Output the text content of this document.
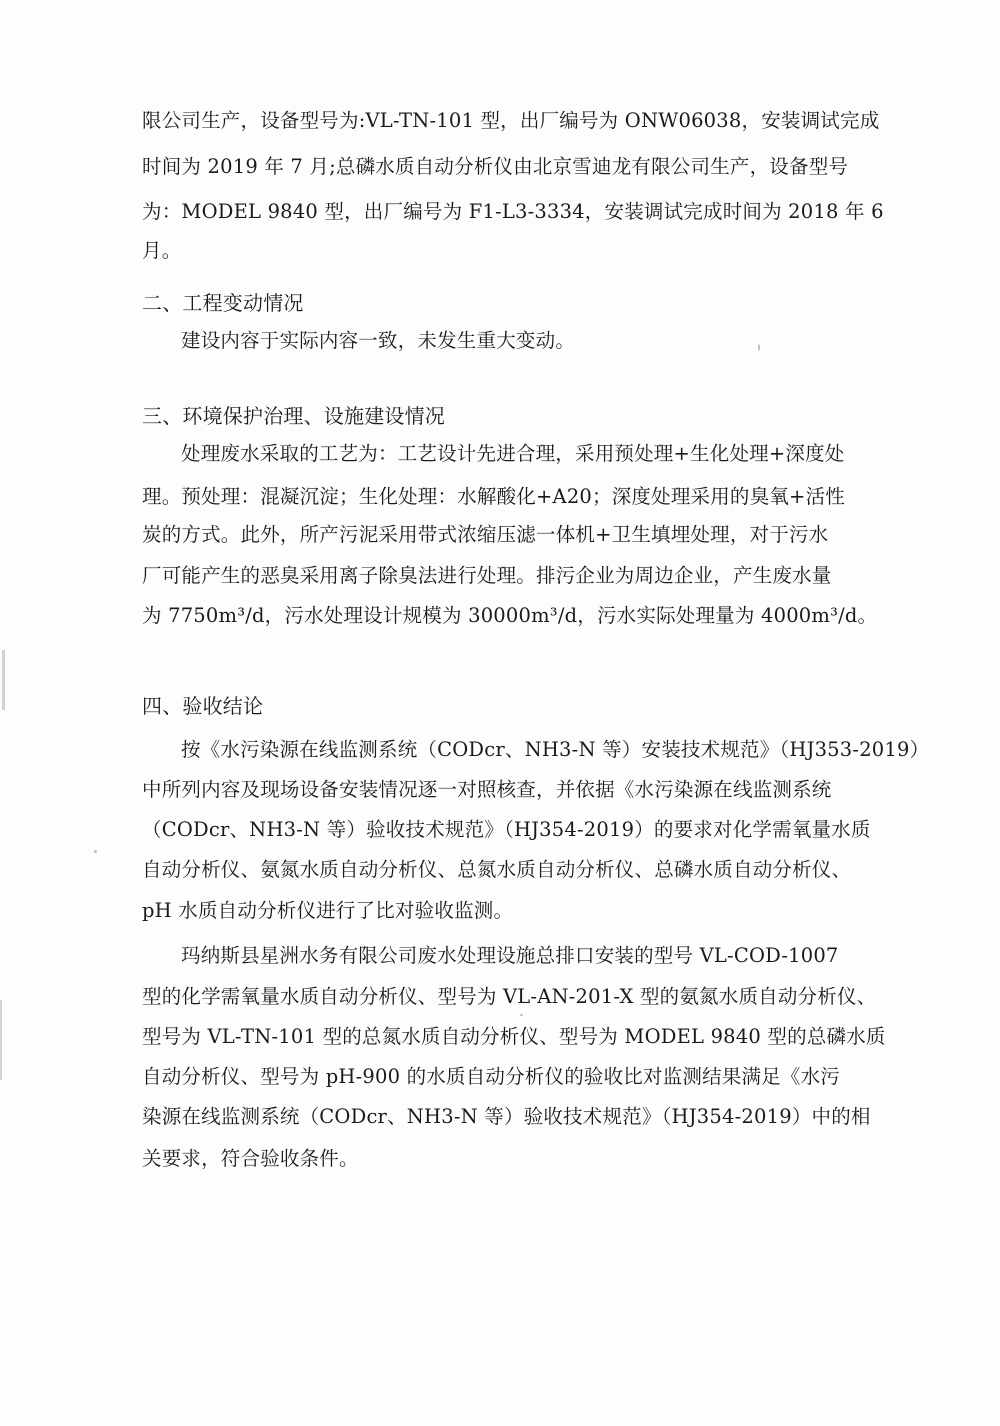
限公司生产，设备型号为:VL-TN-101 型，出厂编号为 ONW06038，安装调试完成
时间为 2019 年 7 月;总磷水质自动分析仪由北京雪迪龙有限公司生产，设备型号
为：MODEL 9840 型，出厂编号为 F1-L3-3334，安装调试完成时间为 2018 年 6
月。
二、工程变动情况
建设内容于实际内容一致，未发生重大变动。
三、环境保护治理、设施建设情况
处理废水采取的工艺为：工艺设计先进合理，采用预处理+生化处理+深度处
理。预处理：混凝沉淀；生化处理：水解酸化+A20；深度处理采用的臭氧+活性
炭的方式。此外，所产污泥采用带式浓缩压滤一体机+卫生填埋处理，对于污水
厂可能产生的恶臭采用离子除臭法进行处理。排污企业为周边企业，产生废水量
为 7750m³/d，污水处理设计规模为 30000m³/d，污水实际处理量为 4000m³/d。
四、验收结论
按《水污染源在线监测系统（CODcr、NH3-N 等）安装技术规范》（HJ353-2019）
中所列内容及现场设备安装情况逐一对照核查，并依据《水污染源在线监测系统
（CODcr、NH3-N 等）验收技术规范》（HJ354-2019）的要求对化学需氧量水质
自动分析仪、氨氮水质自动分析仪、总氮水质自动分析仪、总磷水质自动分析仪、
pH 水质自动分析仪进行了比对验收监测。
玛纳斯县星洲水务有限公司废水处理设施总排口安装的型号 VL-COD-1007
型的化学需氧量水质自动分析仪、型号为 VL-AN-201-X 型的氨氮水质自动分析仪、
型号为 VL-TN-101 型的总氮水质自动分析仪、型号为 MODEL 9840 型的总磷水质
自动分析仪、型号为 pH-900 的水质自动分析仪的验收比对监测结果满足《水污
染源在线监测系统（CODcr、NH3-N 等）验收技术规范》（HJ354-2019）中的相
关要求，符合验收条件。
